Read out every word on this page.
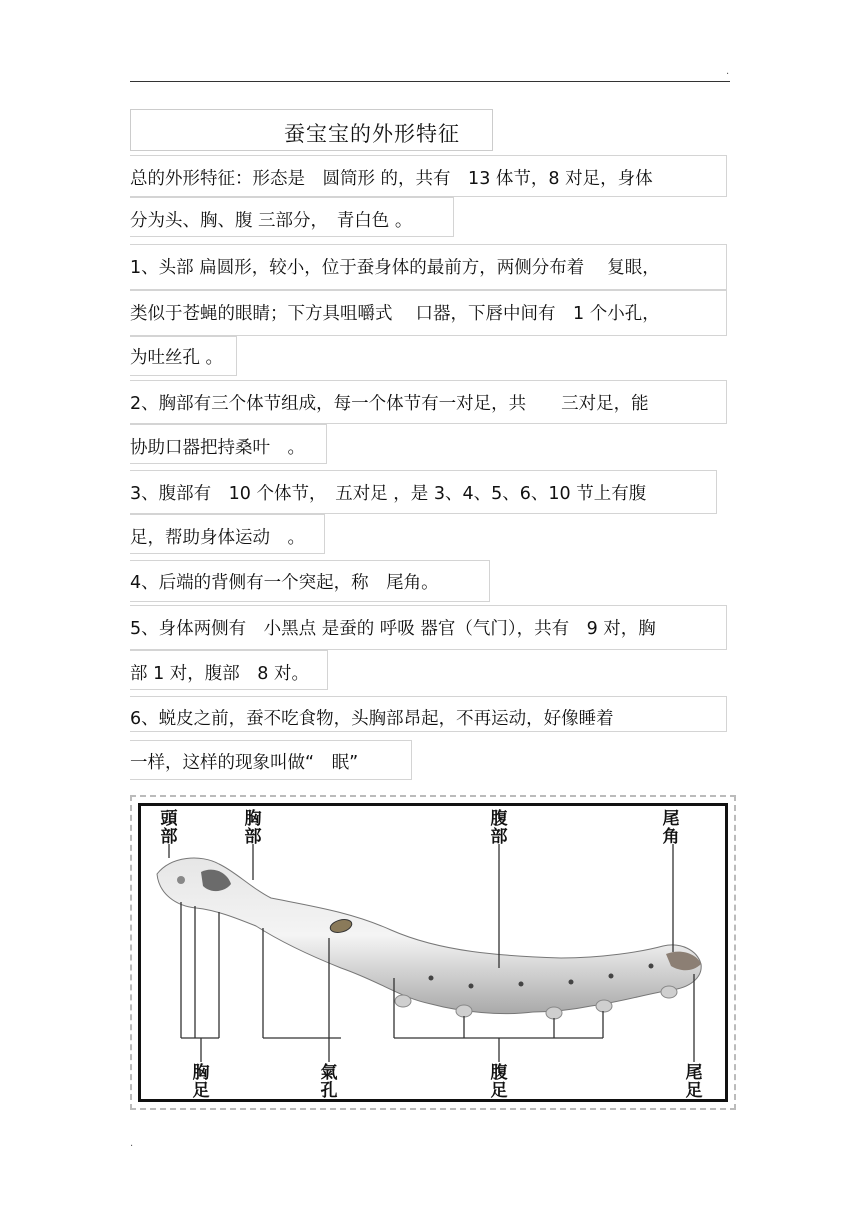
.
蚕宝宝的外形特征
总的外形特征：形态是　圆筒形 的，共有　13 体节，8 对足，身体
分为头、胸、腹 三部分，　青白色 。
1、头部 扁圆形，较小，位于蚕身体的最前方，两侧分布着　 复眼，
类似于苍蝇的眼睛；下方具咀嚼式　 口器，下唇中间有　1 个小孔，
为吐丝孔 。
2、胸部有三个体节组成，每一个体节有一对足，共　　三对足，能
协助口器把持桑叶　。
3、腹部有　10 个体节，　五对足 ，是 3、4、5、6、10 节上有腹
足，帮助身体运动　。
4、后端的背侧有一个突起，称　尾角。
5、身体两侧有　小黑点 是蚕的 呼吸 器官（气门），共有　9 对，胸
部 1 对，腹部　8 对。
6、蜕皮之前，蚕不吃食物，头胸部昂起，不再运动，好像睡着
一样，这样的现象叫做“　眠”
頭
部
胸
部
腹
部
尾
角
胸
足
氣
孔
腹
足
尾
足
.
